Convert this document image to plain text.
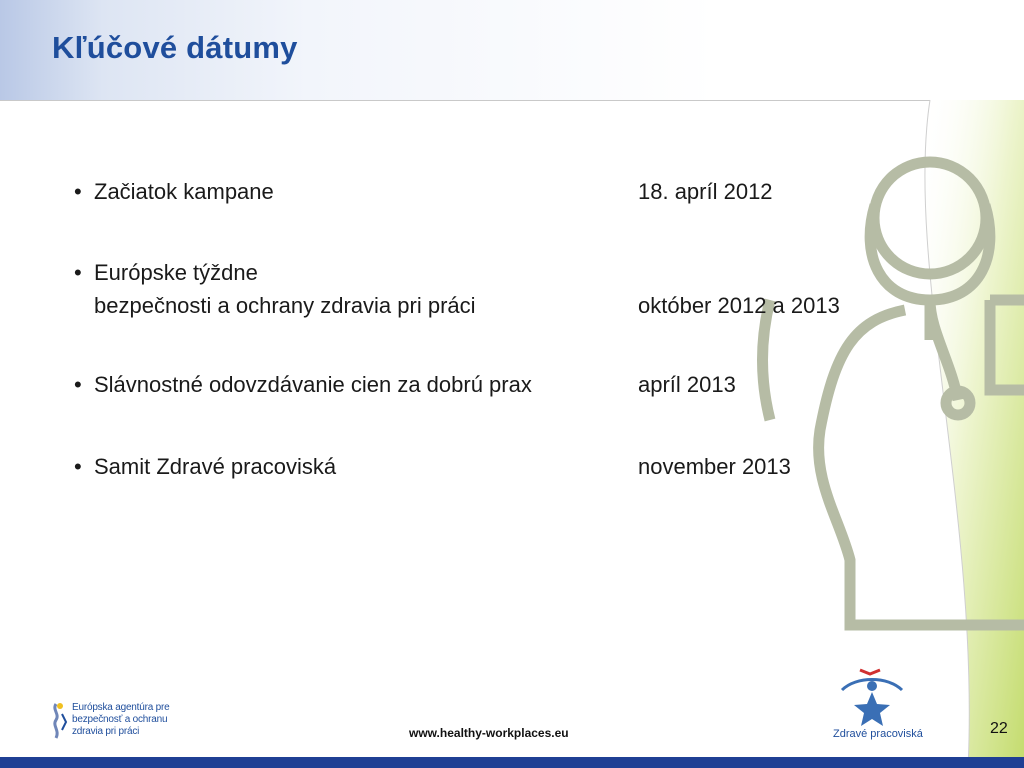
Kľúčové dátumy
• Začiatok kampane	18. apríl 2012
• Európske týždne
bezpečnosti a ochrany zdravia pri práci	október 2012 a 2013
• Slávnostné odovzdávanie cien za dobrú prax	apríl 2013
• Samit Zdravé pracoviská	november 2013
Európska agentúra pre
bezpečnosť a ochranu
zdravia pri práci	www.healthy-workplaces.eu	Zdravé pracoviská	22
